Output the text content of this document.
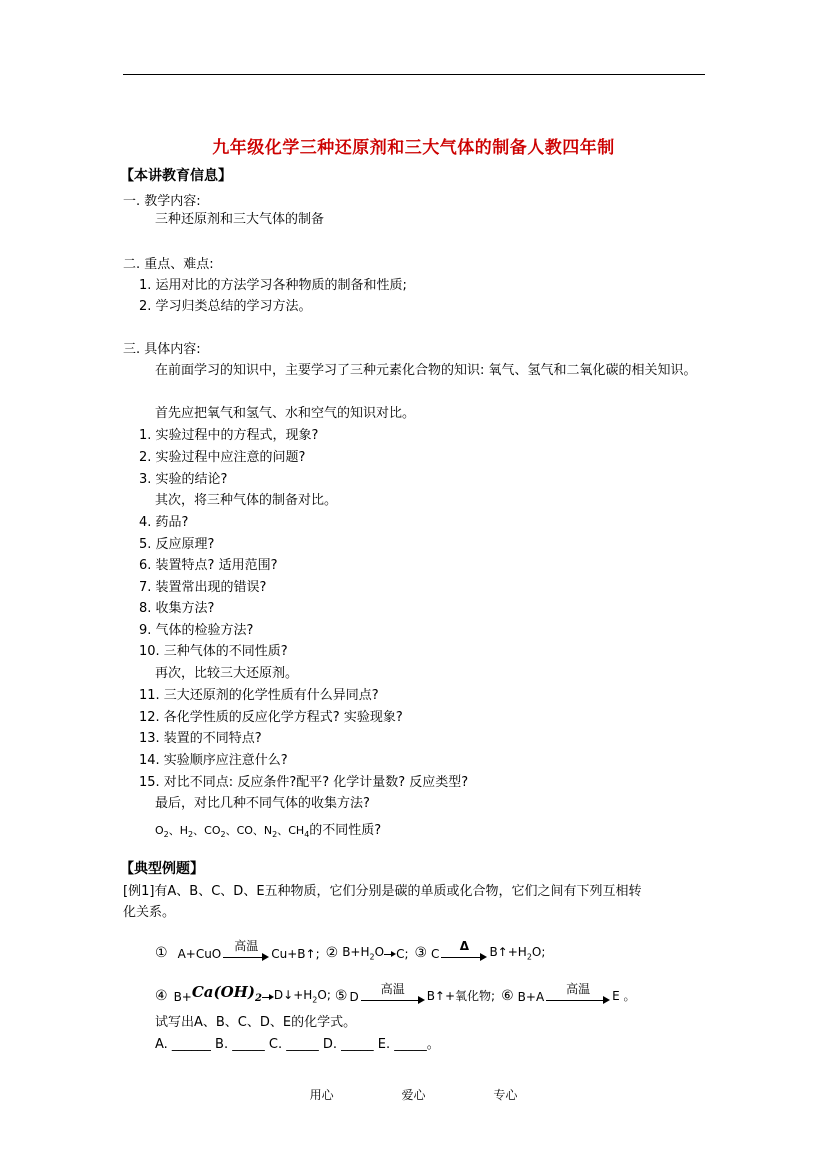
九年级化学三种还原剂和三大气体的制备人教四年制
【本讲教育信息】
一. 教学内容:
三种还原剂和三大气体的制备
二. 重点、难点:
1. 运用对比的方法学习各种物质的制备和性质;
2. 学习归类总结的学习方法。
三. 具体内容:
在前面学习的知识中，主要学习了三种元素化合物的知识: 氧气、氢气和二氧化碳的相关知识。
首先应把氧气和氢气、水和空气的知识对比。
1. 实验过程中的方程式，现象?
2. 实验过程中应注意的问题?
3. 实验的结论?
其次，将三种气体的制备对比。
4. 药品?
5. 反应原理?
6. 装置特点? 适用范围?
7. 装置常出现的错误?
8. 收集方法?
9. 气体的检验方法?
10. 三种气体的不同性质?
再次，比较三大还原剂。
11. 三大还原剂的化学性质有什么异同点?
12. 各化学性质的反应化学方程式? 实验现象?
13. 装置的不同特点?
14. 实验顺序应注意什么?
15. 对比不同点: 反应条件?配平? 化学计量数? 反应类型?
最后，对比几种不同气体的收集方法?
$O_2$、$H_2$、$CO_2$、CO、$N_2$、$CH_4$的不同性质?
【典型例题】
[例1]有A、B、C、D、E五种物质，它们分别是碳的单质或化合物，它们之间有下列互相转
化关系。
① A+CuO
高温
Cu+B↑; ② $B+H_2O$ C; ③ C
Δ	$B↑+H_2O$;
④ $B+ Ca(OH)_2$ $D↓+H_2O$; ⑤ D
高温	B↑+氧化物; ⑥ B+A
高温	E 。
试写出A、B、C、D、E的化学式。
A. ______ B. _____ C. _____ D. _____ E. _____。
用心	爱心	专心
